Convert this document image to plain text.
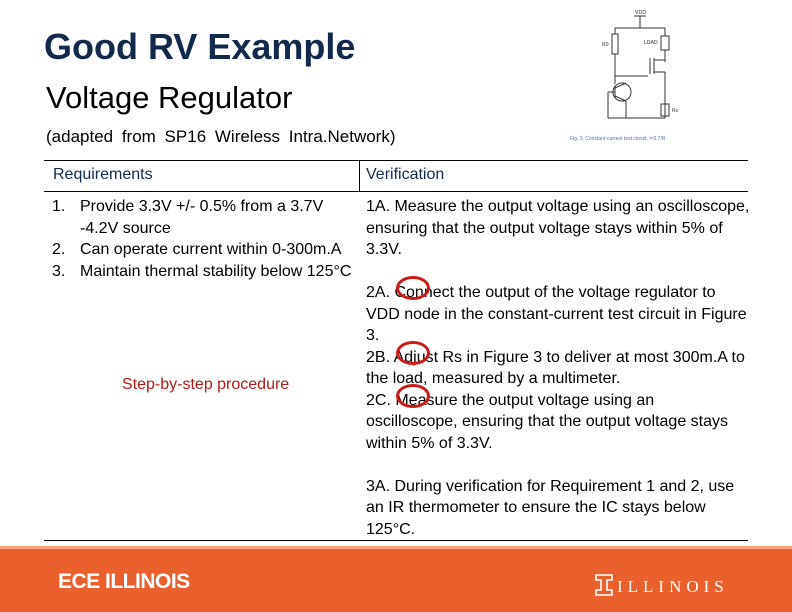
Good RV Example
Voltage Regulator
(adapted from SP16 Wireless Intra.Network)
VDD
LOAD
R0
Rs
Fig. 3. Constant-current test circuit, I=3.7/R
Requirements	Verification
1. Provide 3.3V +/- 0.5% from a 3.7V -4.2V source
2. Can operate current within 0-300m.A
3. Maintain thermal stability below 125°C
Step-by-step procedure

1A. Measure the output voltage using an oscilloscope, ensuring that the output voltage stays within 5% of 3.3V.

2A. Connect the output of the voltage regulator to VDD node in the constant-current test circuit in Figure 3.

2B. Adjust Rs in Figure 3 to deliver at most 300m.A to the load, measured by a multimeter.

2C. Measure the output voltage using an oscilloscope, ensuring that the output voltage stays within 5% of 3.3V.

3A. During verification for Requirement 1 and 2, use an IR thermometer to ensure the IC stays below 125°C.

ECE ILLINOIS	ILLINOIS
